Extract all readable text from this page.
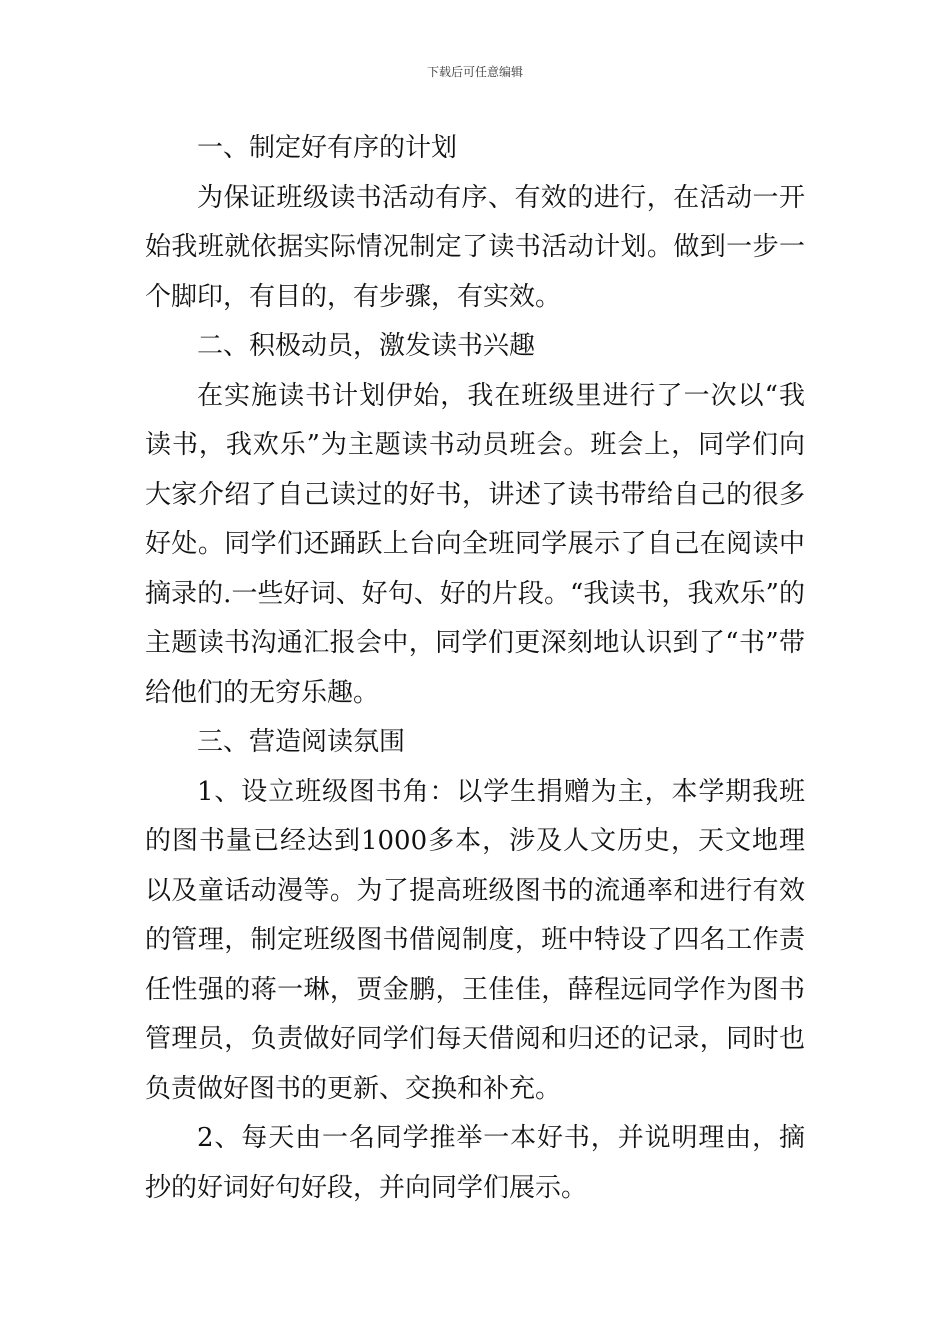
下载后可任意编辑

一、制定好有序的计划

为保证班级读书活动有序、有效的进行，在活动一开始我班就依据实际情况制定了读书活动计划。做到一步一个脚印，有目的，有步骤，有实效。

二、积极动员，激发读书兴趣

在实施读书计划伊始，我在班级里进行了一次以“我读书，我欢乐”为主题读书动员班会。班会上，同学们向大家介绍了自己读过的好书，讲述了读书带给自己的很多好处。同学们还踊跃上台向全班同学展示了自己在阅读中摘录的.一些好词、好句、好的片段。“我读书，我欢乐”的主题读书沟通汇报会中，同学们更深刻地认识到了“书”带给他们的无穷乐趣。

三、营造阅读氛围

1、设立班级图书角：以学生捐赠为主，本学期我班的图书量已经达到1000多本，涉及人文历史，天文地理以及童话动漫等。为了提高班级图书的流通率和进行有效的管理，制定班级图书借阅制度，班中特设了四名工作责任性强的蒋一琳，贾金鹏，王佳佳，薛程远同学作为图书管理员，负责做好同学们每天借阅和归还的记录，同时也负责做好图书的更新、交换和补充。

2、每天由一名同学推举一本好书，并说明理由，摘抄的好词好句好段，并向同学们展示。
